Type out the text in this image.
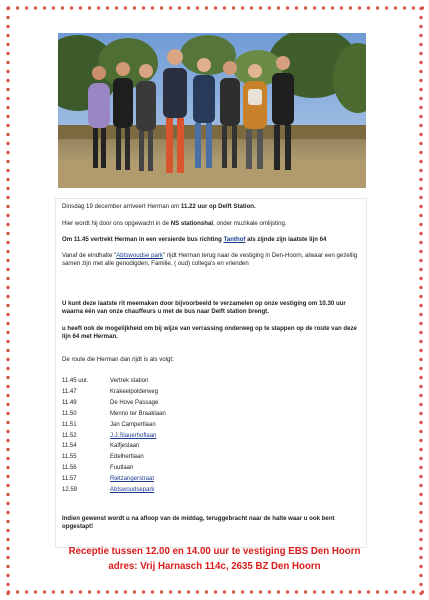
Dinsdag 19 december arriveert Herman om 11.22 uur op Delft Station.
Hier wordt hij door ons opgewacht in de NS stationshal, onder muzikale omlijsting.
Om 11.45 vertrekt Herman in een versierde bus richting Tanthof als zijnde zijn laatste lijn 64
Vanaf de eindhalte "Abtswoudse park" rijdt Herman terug naar de vestiging in Den-Hoorn, alwaar een gezellig samen zijn met alle genodigden, Familie, ( oud) collega's en vrienden
U kunt deze laatste rit meemaken door bijvoorbeeld te verzamelen op onze vestiging om 10.30 uur waarna één van onze chauffeurs u met de bus naar Delft station brengt.
u heeft ook de mogelijkheid om bij wijze van verrassing onderweg op te stappen op de route van deze lijn 64 met Herman.
De route die Herman dan rijdt is als volgt;
11.45 uur.	Vertrek station
11.47	Krakeelpolderweg
11.49	De Hove Passage
11.50	Menno ter Braaklaan
11.51	Jan Campertlaan
11.52	J.J.Slauerhoflaan
11.54	Kalfjeslaan
11.55	Edelhertlaan
11.56	Fuutlaan
11.57	Rietzangerstraat
12.59	Abtswoudsepark
Indien gewenst wordt u na afloop van de middag, teruggebracht naar de halte waar u ook bent opgestapt!
Receptie tussen 12.00 en 14.00 uur te vestiging EBS Den Hoorn
adres: Vrij Harnasch 114c, 2635 BZ Den Hoorn
